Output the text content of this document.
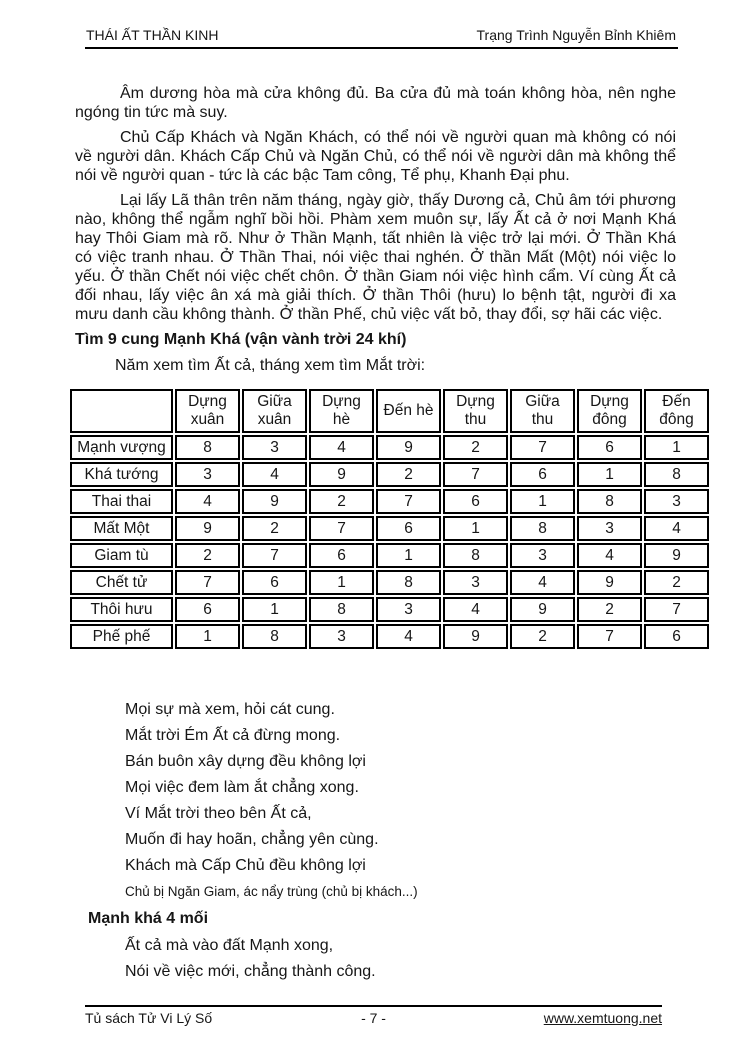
THÁI ẤT THẦN KINH	Trạng Trình Nguyễn Bỉnh Khiêm

Âm dương hòa mà cửa không đủ. Ba cửa đủ mà toán không hòa, nên nghe ngóng tin tức mà suy.

Chủ Cấp Khách và Ngăn Khách, có thể nói về người quan mà không có nói về người dân. Khách Cấp Chủ và Ngăn Chủ, có thể nói về người dân mà không thể nói về người quan - tức là các bậc Tam công, Tể phụ, Khanh Đại phu.

Lại lấy Lã thân trên năm tháng, ngày giờ, thấy Dương cả, Chủ âm tới phương nào, không thể ngẫm nghĩ bồi hồi. Phàm xem muôn sự, lấy Ất cả ở nơi Mạnh Khá hay Thôi Giam mà rõ. Như ở Thần Mạnh, tất nhiên là việc trở lại mới. Ở Thần Khá có việc tranh nhau. Ở Thần Thai, nói việc thai nghén. Ở thần Mất (Một) nói việc lo yếu. Ở thần Chết nói việc chết chôn. Ở thần Giam nói việc hình cẩm. Ví cùng Ất cả đối nhau, lấy việc ân xá mà giải thích. Ở thần Thôi (hưu) lo bệnh tật, người đi xa mưu danh cầu không thành. Ở thần Phế, chủ việc vất bỏ, thay đổi, sợ hãi các việc.

Tìm 9 cung Mạnh Khá (vận vành trời 24 khí)

Năm xem tìm Ất cả, tháng xem tìm Mắt trời:

	Dựng xuân	Giữa xuân	Dựng hè	Đến hè	Dựng thu	Giữa thu	Dựng đông	Đến đông
Mạnh vượng	8	3	4	9	2	7	6	1
Khá tướng	3	4	9	2	7	6	1	8
Thai thai	4	9	2	7	6	1	8	3
Mất Một	9	2	7	6	1	8	3	4
Giam tù	2	7	6	1	8	3	4	9
Chết tử	7	6	1	8	3	4	9	2
Thôi hưu	6	1	8	3	4	9	2	7
Phế phế	1	8	3	4	9	2	7	6
Mọi sự mà xem, hỏi cát cung.
Mắt trời Ém Ất cả đừng mong.
Bán buôn xây dựng đều không lợi
Mọi việc đem làm ắt chẳng xong.
Ví Mắt trời theo bên Ất cả,
Muốn đi hay hoãn, chẳng yên cùng.
Khách mà Cấp Chủ đều không lợi
Chủ bị Ngăn Giam, ác nẩy trùng (chủ bị khách...)
Mạnh khá 4 mối
Ất cả mà vào đất Mạnh xong,
Nói về việc mới, chẳng thành công.
Tủ sách Tử Vi Lý Số	- 7 -	www.xemtuong.net
